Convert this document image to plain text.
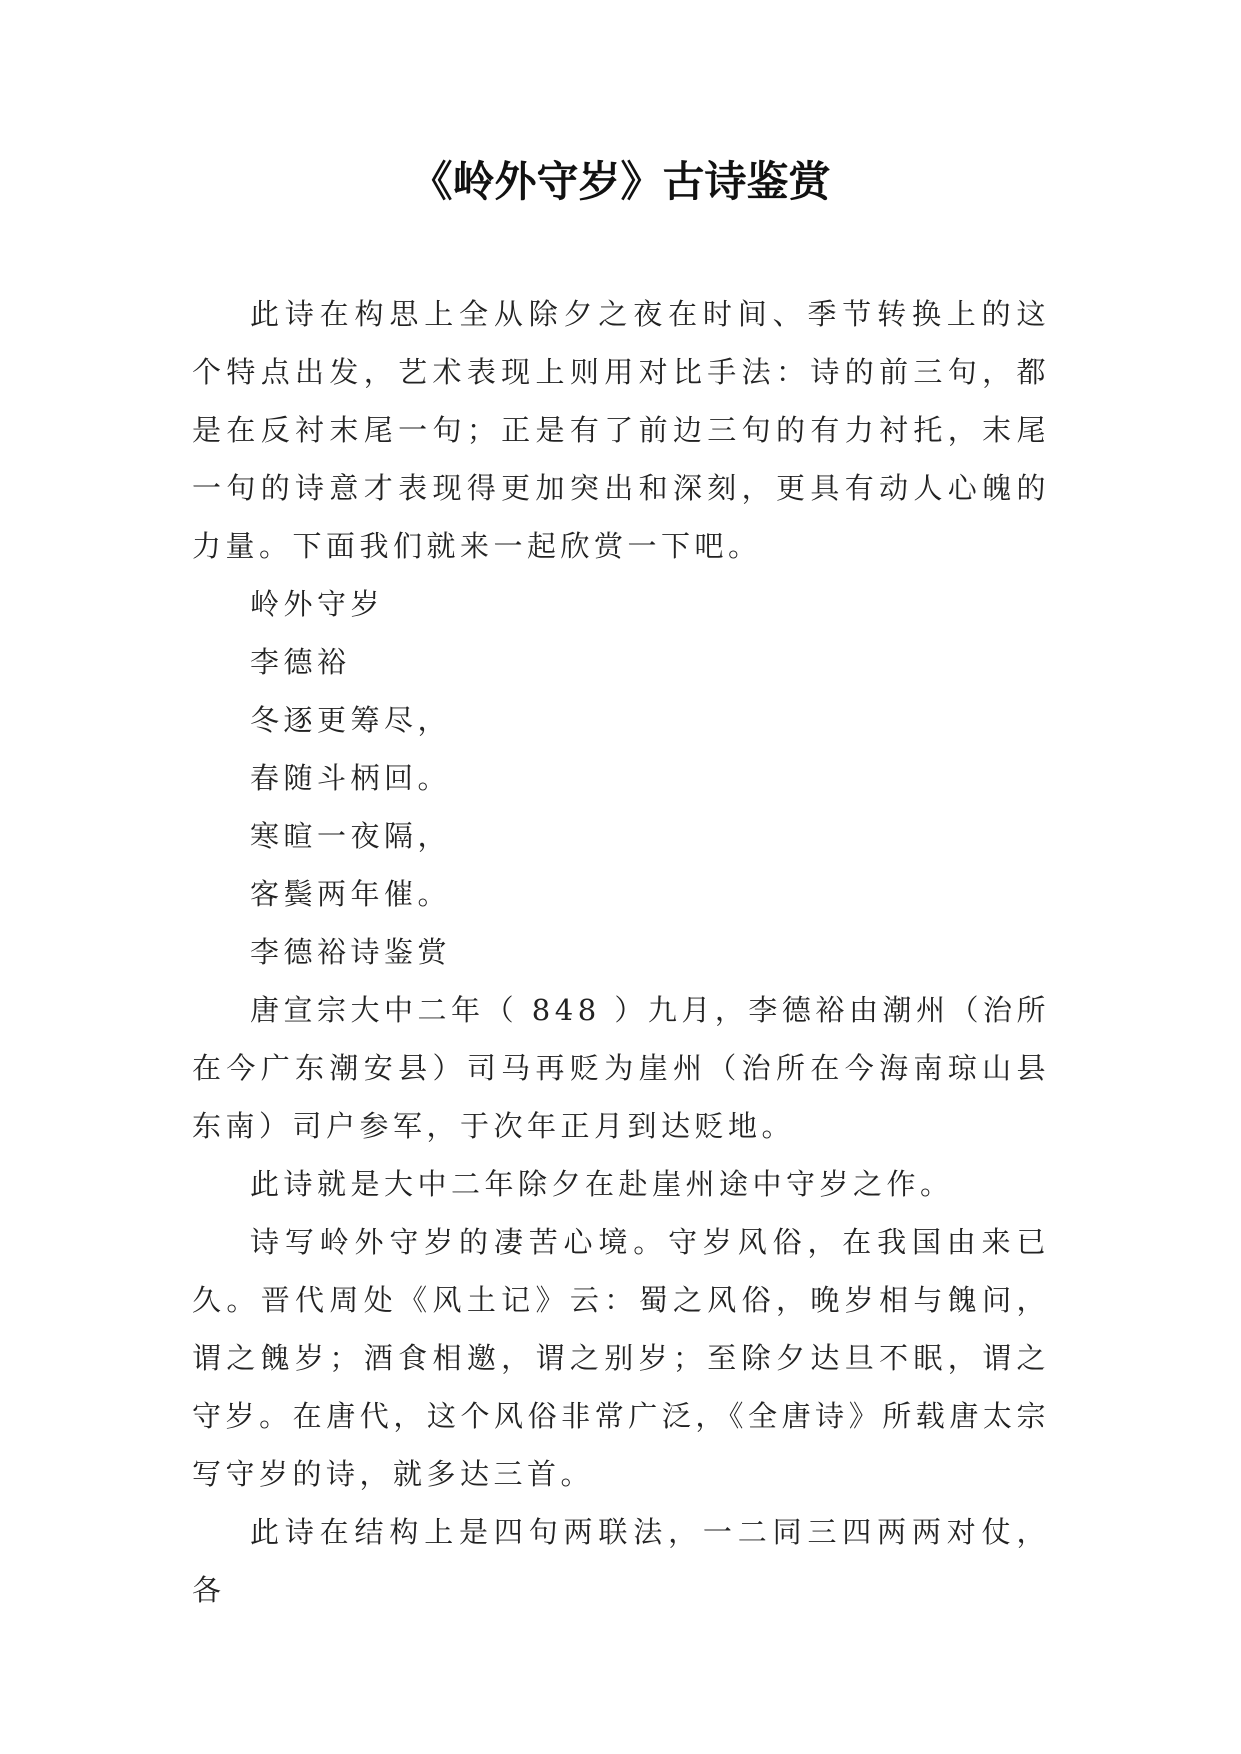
《岭外守岁》古诗鉴赏

此诗在构思上全从除夕之夜在时间、季节转换上的这个特点出发，艺术表现上则用对比手法：诗的前三句，都是在反衬末尾一句；正是有了前边三句的有力衬托，末尾一句的诗意才表现得更加突出和深刻，更具有动人心魄的力量。下面我们就来一起欣赏一下吧。

岭外守岁
李德裕
冬逐更筹尽，
春随斗柄回。
寒暄一夜隔，
客鬓两年催。
李德裕诗鉴赏

唐宣宗大中二年（ 848 ）九月，李德裕由潮州（治所在今广东潮安县）司马再贬为崖州（治所在今海南琼山县东南）司户参军，于次年正月到达贬地。

此诗就是大中二年除夕在赴崖州途中守岁之作。

诗写岭外守岁的凄苦心境。守岁风俗，在我国由来已久。晋代周处《风土记》云：蜀之风俗，晚岁相与餽问，谓之餽岁；酒食相邀，谓之别岁；至除夕达旦不眠，谓之守岁。在唐代，这个风俗非常广泛，《全唐诗》所载唐太宗写守岁的诗，就多达三首。

此诗在结构上是四句两联法，一二同三四两两对仗，各
